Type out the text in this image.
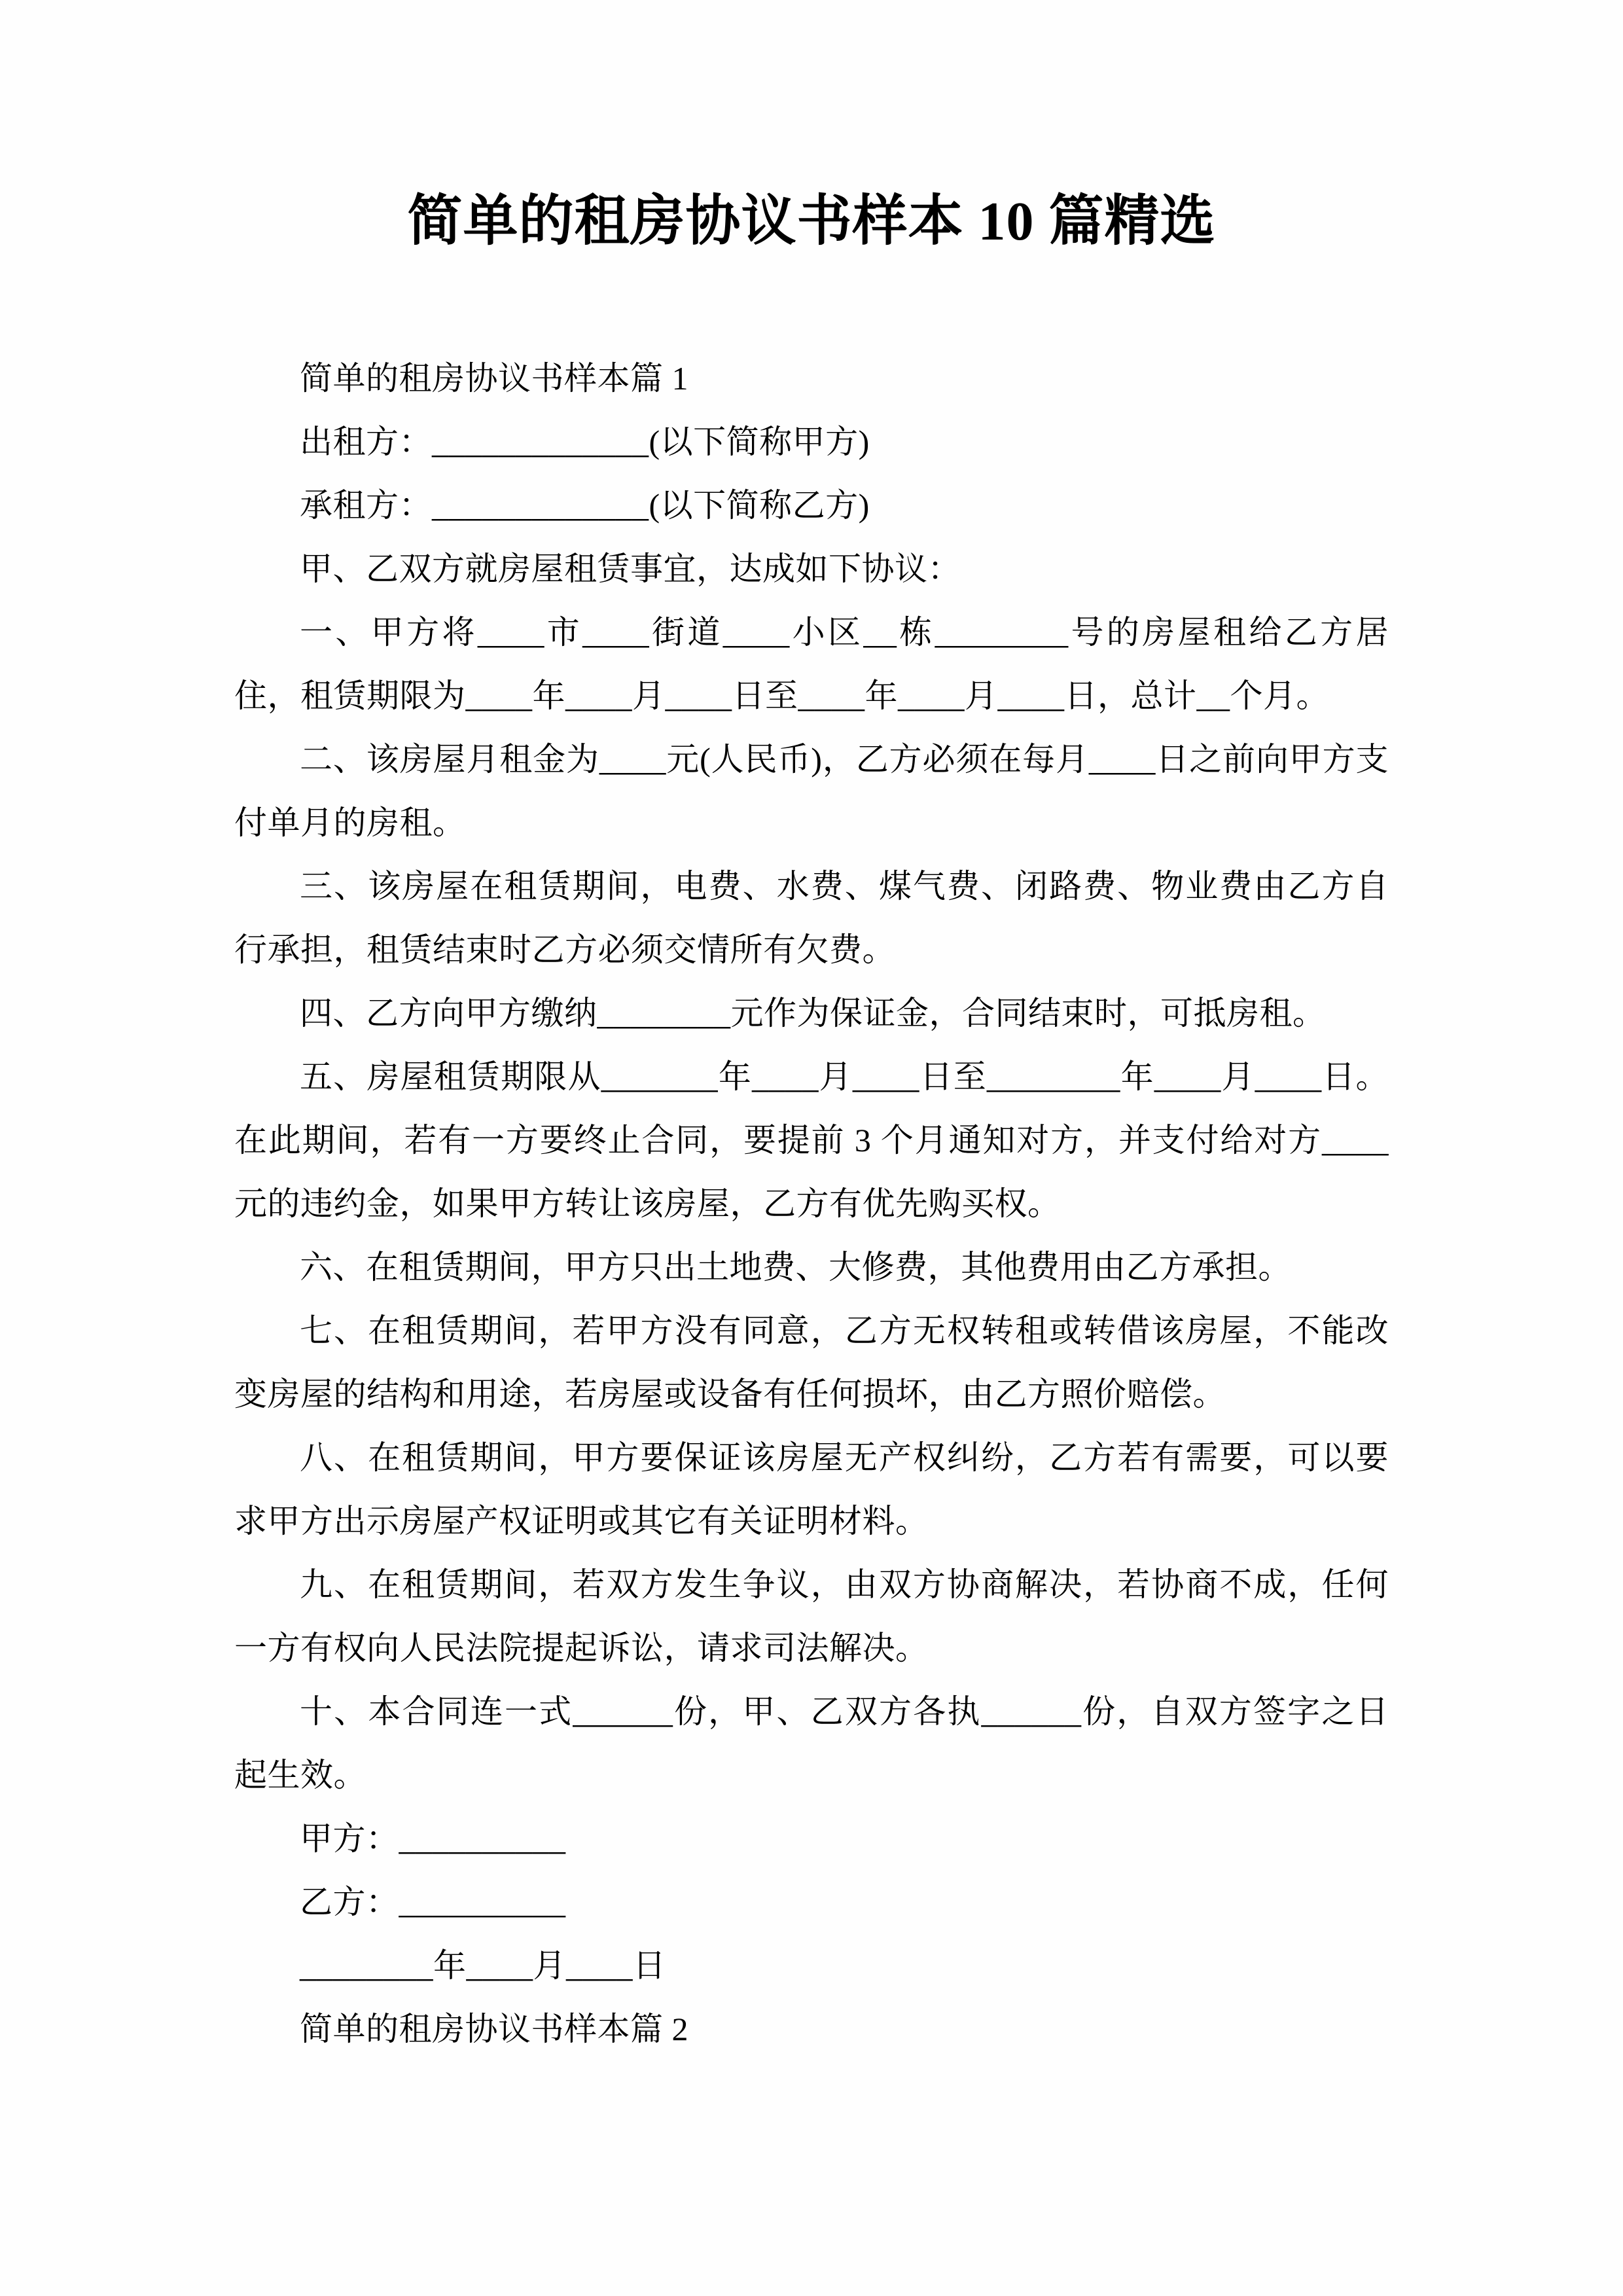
简单的租房协议书样本 10 篇精选

简单的租房协议书样本篇 1

出租方：_____________(以下简称甲方)

承租方：_____________(以下简称乙方)

甲、乙双方就房屋租赁事宜，达成如下协议：

一、甲方将____市____街道____小区__栋________号的房屋租给乙方居住，租赁期限为____年____月____日至____年____月____日，总计__个月。

二、该房屋月租金为____元(人民币)，乙方必须在每月____日之前向甲方支付单月的房租。

三、该房屋在租赁期间，电费、水费、煤气费、闭路费、物业费由乙方自行承担，租赁结束时乙方必须交情所有欠费。

四、乙方向甲方缴纳________元作为保证金，合同结束时，可抵房租。

五、房屋租赁期限从_______年____月____日至________年____月____日。在此期间，若有一方要终止合同，要提前 3 个月通知对方，并支付给对方____元的违约金，如果甲方转让该房屋，乙方有优先购买权。

六、在租赁期间，甲方只出土地费、大修费，其他费用由乙方承担。

七、在租赁期间，若甲方没有同意，乙方无权转租或转借该房屋，不能改变房屋的结构和用途，若房屋或设备有任何损坏，由乙方照价赔偿。

八、在租赁期间，甲方要保证该房屋无产权纠纷，乙方若有需要，可以要求甲方出示房屋产权证明或其它有关证明材料。

九、在租赁期间，若双方发生争议，由双方协商解决，若协商不成，任何一方有权向人民法院提起诉讼，请求司法解决。

十、本合同连一式______份，甲、乙双方各执______份，自双方签字之日起生效。

甲方：__________

乙方：__________

________年____月____日

简单的租房协议书样本篇 2
